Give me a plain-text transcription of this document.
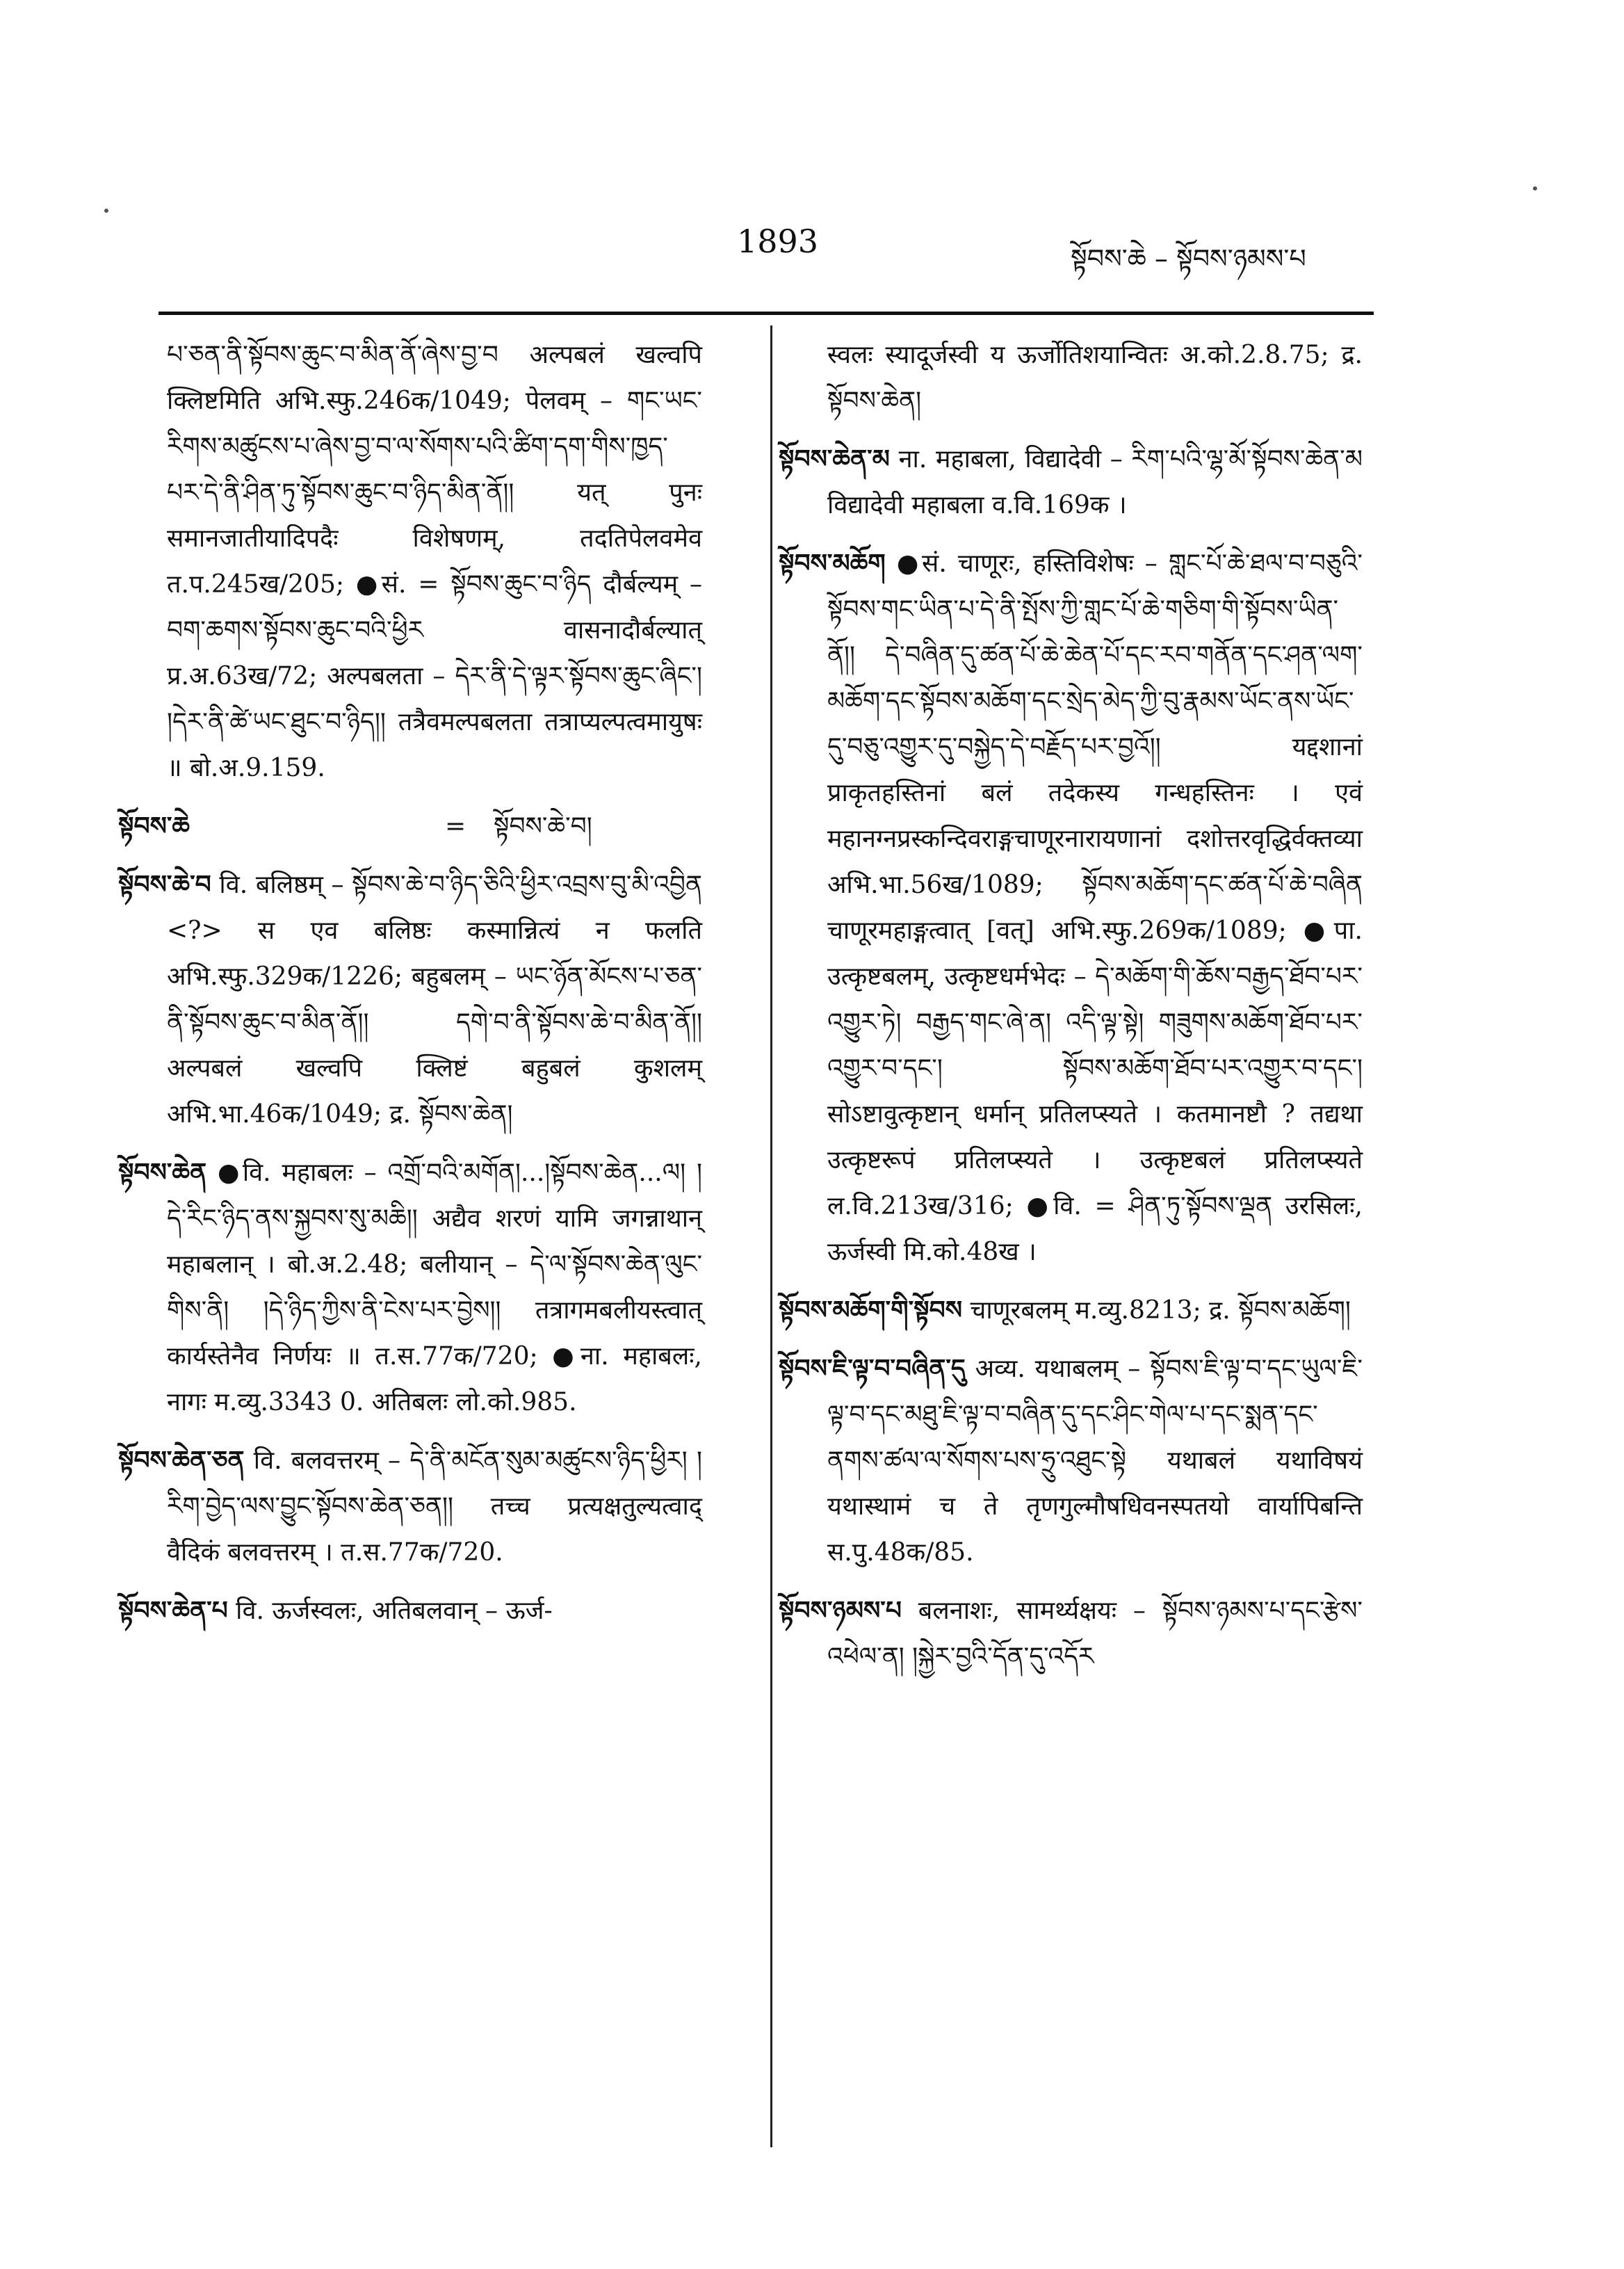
1893	སྟོབས་ཆེ – སྟོབས་ཉམས་པ

པ་ཅན་ནི་སྟོབས་ཆུང་བ་མིན་ནོ་ཞེས་བྱ་བ अल्पबलं खल्वपि क्लिष्टमिति अभि.स्फु.246क/1049; पेलवम् – གང་ཡང་རིགས་མཚུངས་པ་ཞེས་བྱ་བ་ལ་སོགས་པའི་ཚིག་དག་གིས་ཁྱད་པར་དེ་ནི་ཤིན་ཏུ་སྟོབས་ཆུང་བ་ཉིད་མིན་ནོ།། यत् पुनः समानजातीयादिपदैः विशेषणम्, तदतिपेलवमेव त.प.245ख/205; ●सं. = སྟོབས་ཆུང་བ་ཉིད दौर्बल्यम् – བག་ཆགས་སྟོབས་ཆུང་བའི་ཕྱིར वासनादौर्बल्यात् प्र.अ.63ख/72; अल्पबलता – དེར་ནི་དེ་ལྟར་སྟོབས་ཆུང་ཞིང་། །དེར་ནི་ཚེ་ཡང་ཐུང་བ་ཉིད།། तत्रैवमल्पबलता तत्राप्यल्पत्वमायुषः ॥ बो.अ.9.159.

སྟོབས་ཆེ	=	སྟོབས་ཆེ་བ།

སྟོབས་ཆེ་བ वि. बलिष्ठम् – སྟོབས་ཆེ་བ་ཉིད་ཅིའི་ཕྱིར་འབྲས་བུ་མི་འབྱིན <?> स एव बलिष्ठः कस्मान्नित्यं न फलति अभि.स्फु.329क/1226; बहुबलम् – ཡང་ཉོན་མོངས་པ་ཅན་ནི་སྟོབས་ཆུང་བ་མིན་ནོ།། དགེ་བ་ནི་སྟོབས་ཆེ་བ་མིན་ནོ།། अल्पबलं खल्वपि क्लिष्टं बहुबलं कुशलम् अभि.भा.46क/1049; द्र. སྟོབས་ཆེན།

སྟོབས་ཆེན ●वि. महाबलः – འགྲོ་བའི་མགོན།...།སྟོབས་ཆེན...ལ། །དེ་རིང་ཉིད་ནས་སྐྱབས་སུ་མཆི།། अद्यैव शरणं यामि जगन्नाथान् महाबलान् । बो.अ.2.48; बलीयान् – དེ་ལ་སྟོབས་ཆེན་ལུང་གིས་ནི། །དེ་ཉིད་ཀྱིས་ནི་ངེས་པར་བྱེས།། तत्रागमबलीयस्त्वात् कार्यस्तेनैव निर्णयः ॥ त.स.77क/720; ●ना. महाबलः, नागः म.व्यु.3343 0. अतिबलः लो.को.985.

སྟོབས་ཆེན་ཅན वि. बलवत्तरम् – དེ་ནི་མངོན་སུམ་མཚུངས་ཉིད་ཕྱིར། །རིག་བྱེད་ལས་བྱུང་སྟོབས་ཆེན་ཅན།། तच्च प्रत्यक्षतुल्यत्वाद् वैदिकं बलवत्तरम् । त.स.77क/720.

སྟོབས་ཆེན་པ वि. ऊर्जस्वलः, अतिबलवान् – ऊर्ज-

स्वलः स्यादूर्जस्वी य ऊर्जोतिशयान्वितः अ.को.2.8.75; द्र. སྟོབས་ཆེན།

སྟོབས་ཆེན་མ ना. महाबला, विद्यादेवी – རིག་པའི་ལྷ་མོ་སྟོབས་ཆེན་མ विद्यादेवी महाबला व.वि.169क ।

སྟོབས་མཆོག ●सं. चाणूरः, हस्तिविशेषः – གླང་པོ་ཆེ་ཐལ་བ་བཅུའི་སྟོབས་གང་ཡིན་པ་དེ་ནི་སྤོས་ཀྱི་གླང་པོ་ཆེ་གཅིག་གི་སྟོབས་ཡིན་ནོ།། དེ་བཞིན་དུ་ཚན་པོ་ཆེ་ཆེན་པོ་དང་རབ་གནོན་དང་ཤན་ལག་མཆོག་དང་སྟོབས་མཆོག་དང་སྲེད་མེད་ཀྱི་བུ་རྣམས་ཡོང་ནས་ཡོང་དུ་བཅུ་འགྱུར་དུ་བསྐྱེད་དེ་བརྗོད་པར་བྱའོ།། यद्दशानां प्राकृतहस्तिनां बलं तदेकस्य गन्धहस्तिनः । एवं महानग्नप्रस्कन्दिवराङ्गचाणूरनारायणानां दशोत्तरवृद्धिर्वक्तव्या अभि.भा.56ख/1089; སྟོབས་མཆོག་དང་ཚན་པོ་ཆེ་བཞིན चाणूरमहाङ्गत्वात् [वत्] अभि.स्फु.269क/1089; ●पा. उत्कृष्टबलम्, उत्कृष्टधर्मभेदः – དེ་མཆོག་གི་ཆོས་བརྒྱད་ཐོབ་པར་འགྱུར་ཏེ། བརྒྱད་གང་ཞེ་ན། འདི་ལྟ་སྟེ། གཟུགས་མཆོག་ཐོབ་པར་འགྱུར་བ་དང་། སྟོབས་མཆོག་ཐོབ་པར་འགྱུར་བ་དང་། सोऽष्टावुत्कृष्टान् धर्मान् प्रतिलप्स्यते । कतमानष्टौ ? तद्यथा उत्कृष्टरूपं प्रतिलप्स्यते । उत्कृष्टबलं प्रतिलप्स्यते ल.वि.213ख/316; ●वि. = ཤིན་ཏུ་སྟོབས་ལྡན उरसिलः, ऊर्जस्वी मि.को.48ख ।

སྟོབས་མཆོག་གི་སྟོབས चाणूरबलम् म.व्यु.8213; द्र. སྟོབས་མཆོག།

སྟོབས་ཇི་ལྟ་བ་བཞིན་དུ अव्य. यथाबलम् – སྟོབས་ཇི་ལྟ་བ་དང་ཡུལ་ཇི་ལྟ་བ་དང་མཐུ་ཇི་ལྟ་བ་བཞིན་དུ་དང་ཤིང་གེལ་པ་དང་སྨན་དང་ནགས་ཚལ་ལ་སོགས་པས་ཧྲུ་འཐུང་སྟེ यथाबलं यथाविषयं यथास्थामं च ते तृणगुल्मौषधिवनस्पतयो वार्यापिबन्ति स.पु.48क/85.

སྟོབས་ཉམས་པ बलनाशः, सामर्थ्यक्षयः – སྟོབས་ཉམས་པ་དང་རྩེས་འཕེལ་ན། །སྐྱེར་བྱའི་དོན་དུ་འདོར
